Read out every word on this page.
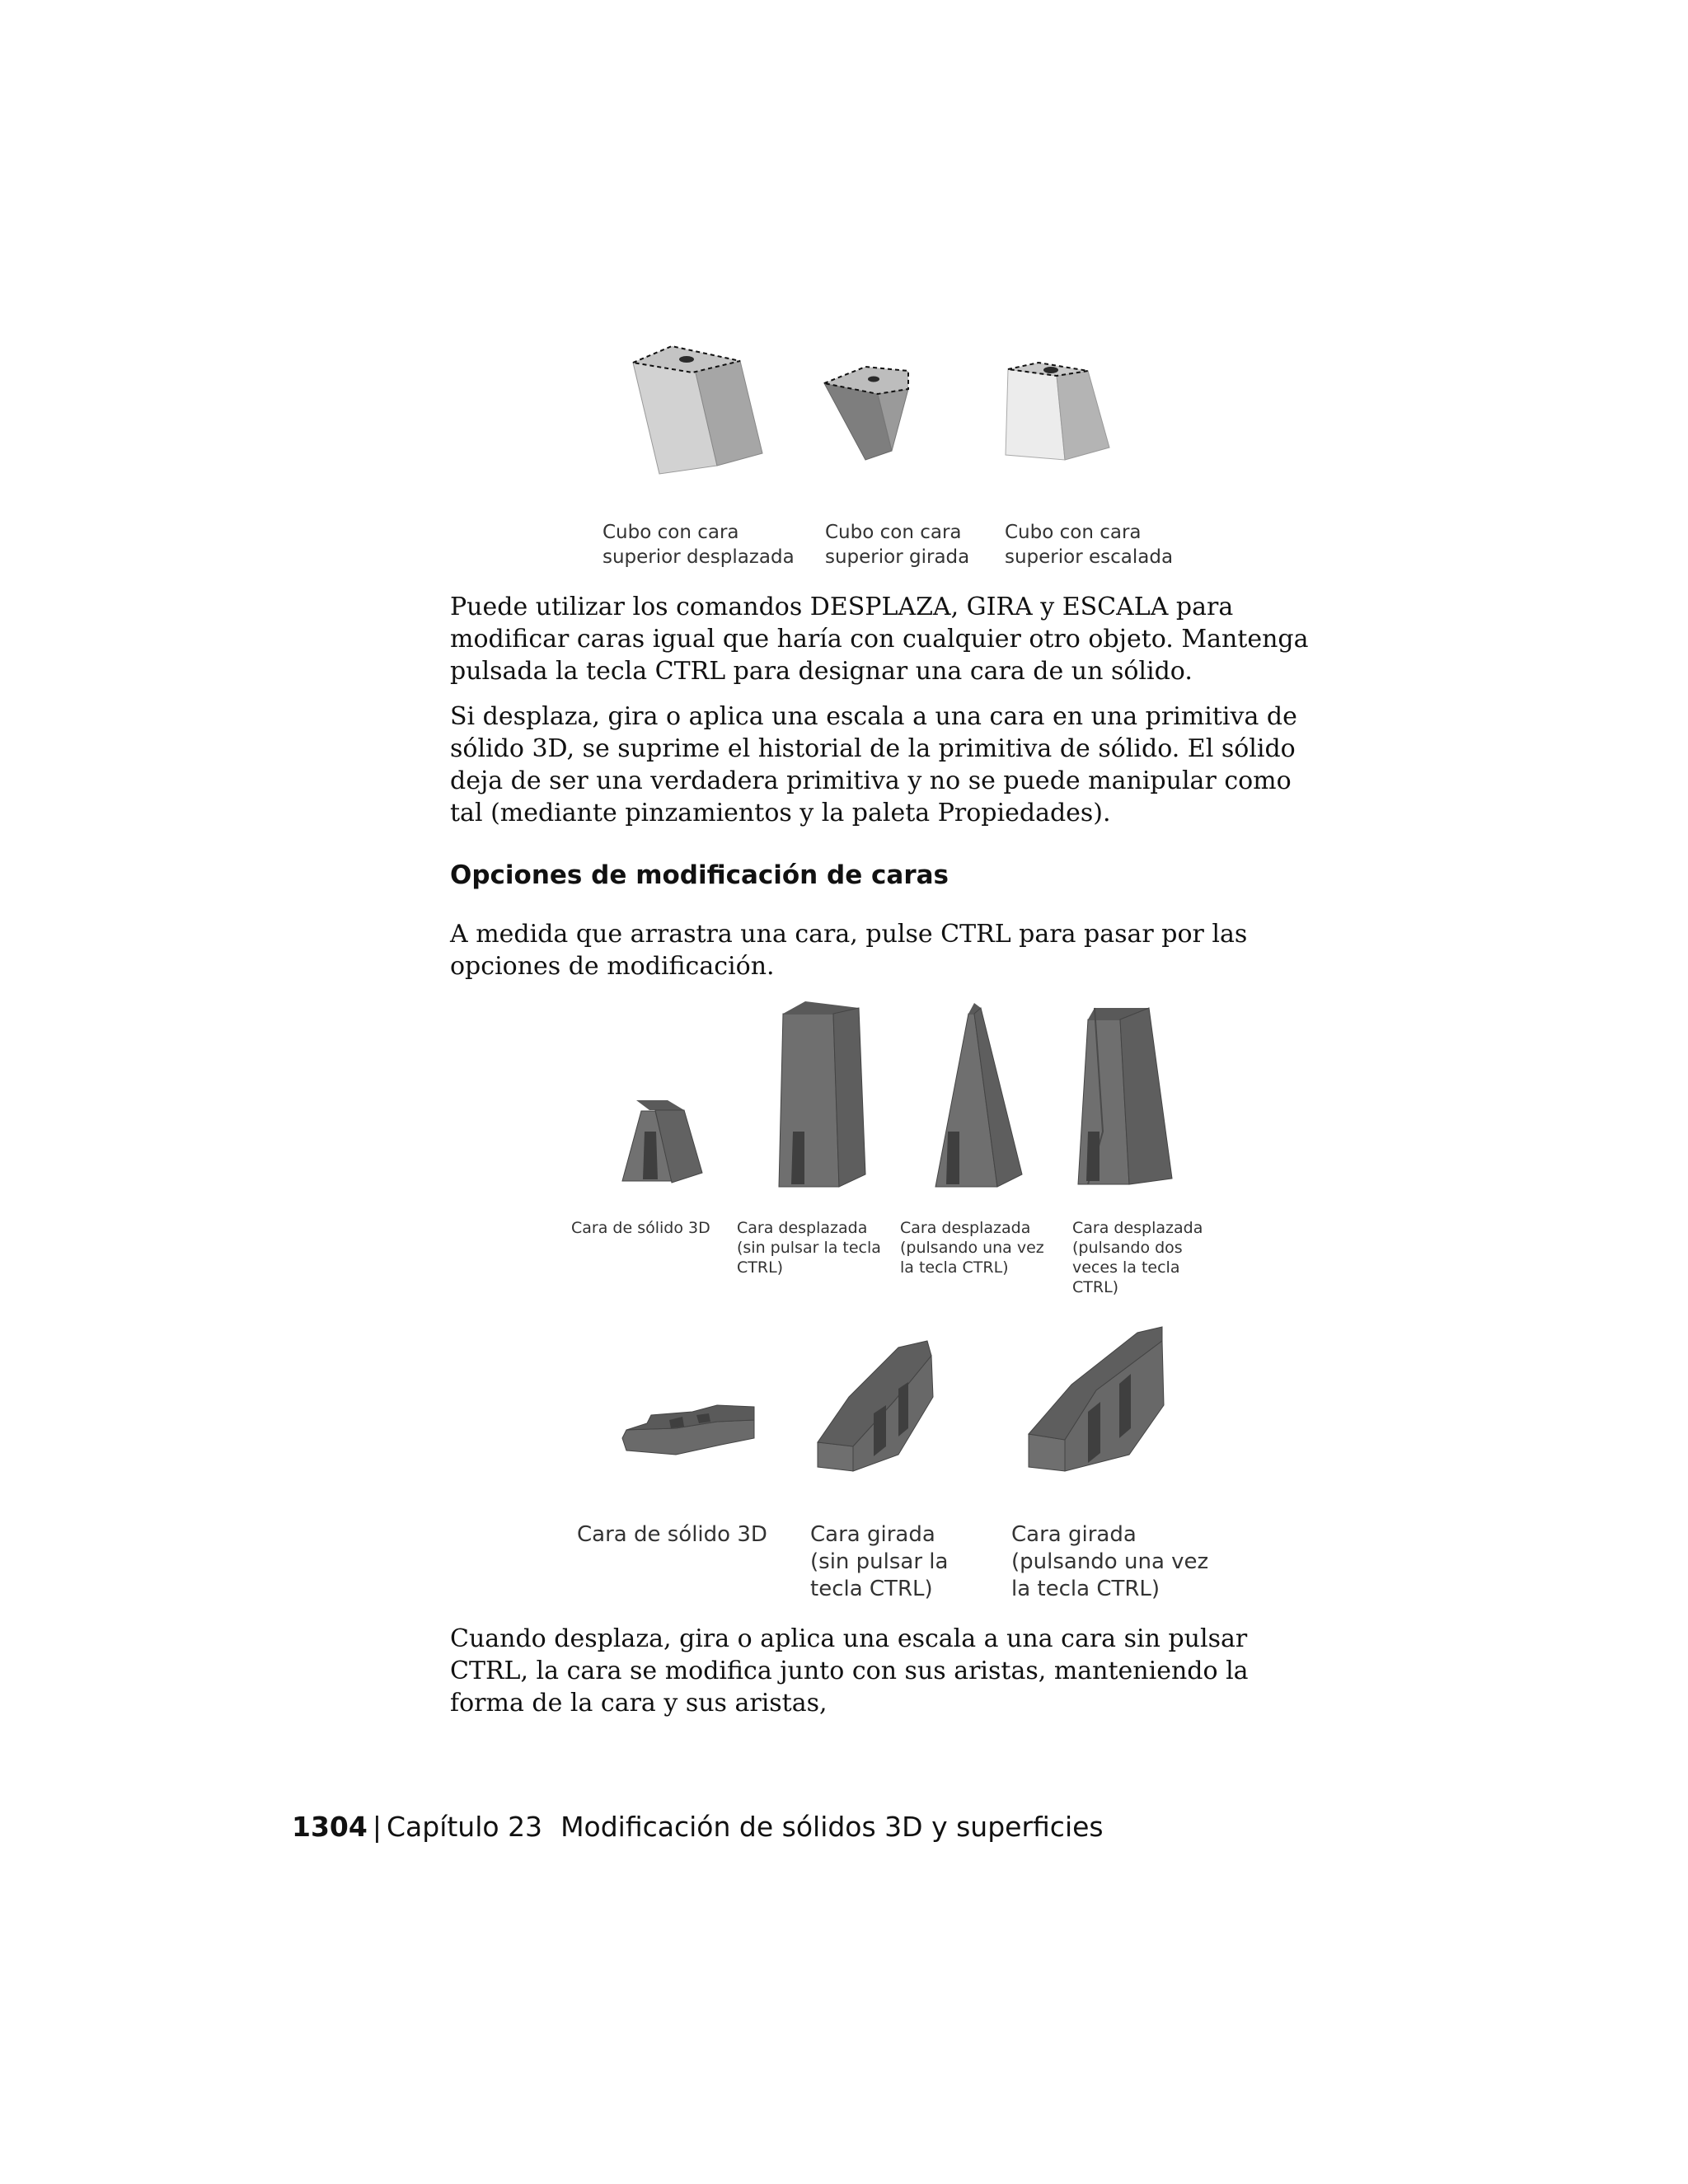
Cubo con cara
superior desplazada

Cubo con cara
superior girada

Cubo con cara
superior escalada

Puede utilizar los comandos DESPLAZA, GIRA y ESCALA para modificar caras igual que haría con cualquier otro objeto. Mantenga pulsada la tecla CTRL para designar una cara de un sólido.

Si desplaza, gira o aplica una escala a una cara en una primitiva de sólido 3D, se suprime el historial de la primitiva de sólido. El sólido deja de ser una verdadera primitiva y no se puede manipular como tal (mediante pinzamientos y la paleta Propiedades).

Opciones de modificación de caras

A medida que arrastra una cara, pulse CTRL para pasar por las opciones de modificación.

Cara de sólido 3D Cara desplazada
(sin pulsar la tecla
CTRL)

Cara desplazada
(pulsando una vez
la tecla CTRL)

Cara desplazada
(pulsando dos
veces la tecla
CTRL)

Cara de sólido 3D Cara girada
(sin pulsar la
tecla CTRL)

Cara girada
(pulsando una vez
la tecla CTRL)

Cuando desplaza, gira o aplica una escala a una cara sin pulsar CTRL, la cara se modifica junto con sus aristas, manteniendo la forma de la cara y sus aristas,

1304 | Capítulo 23 Modificación de sólidos 3D y superficies
